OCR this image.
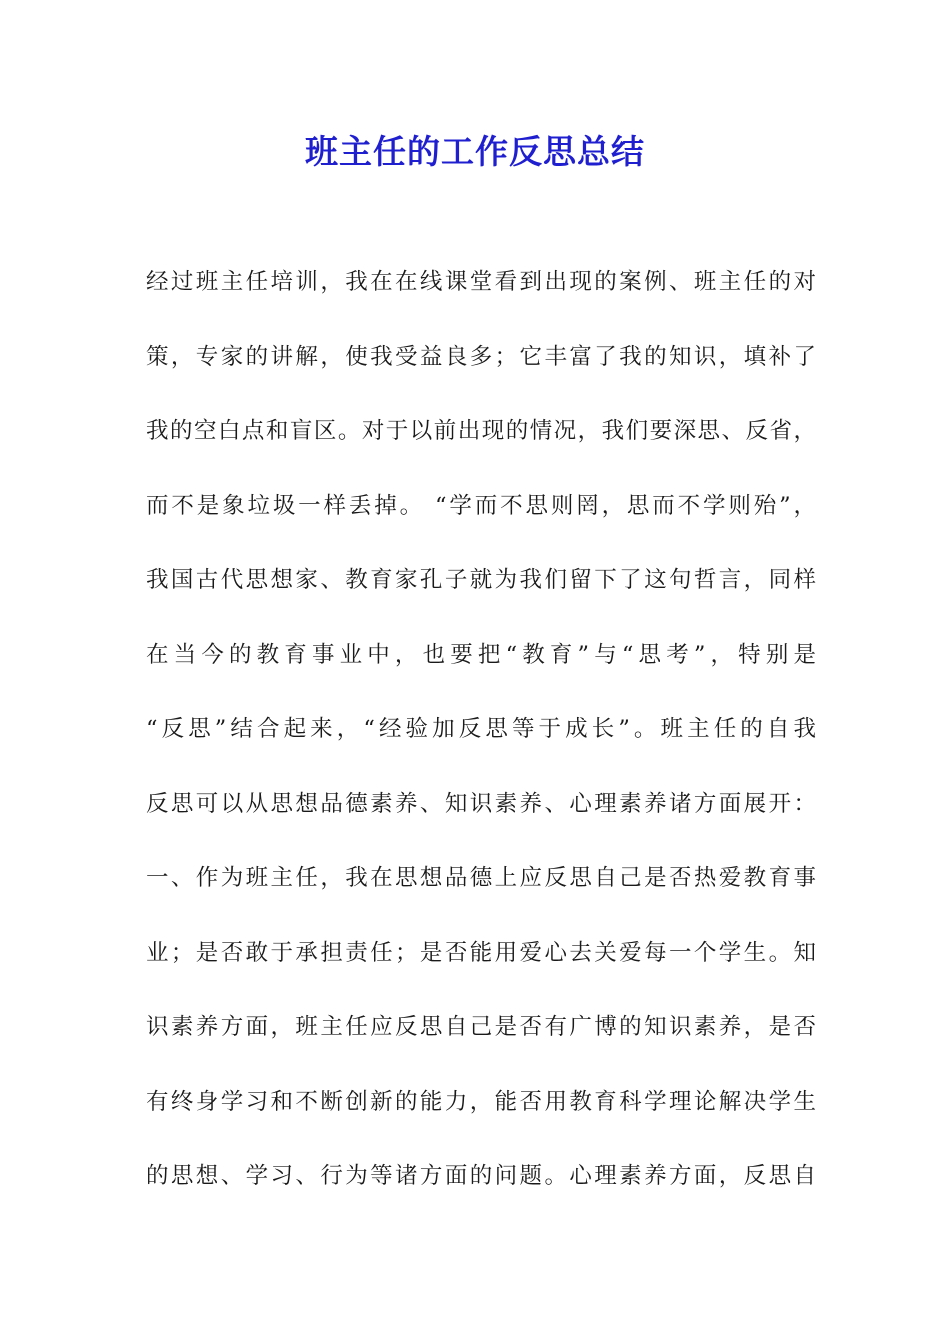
班主任的工作反思总结
经过班主任培训，我在在线课堂看到出现的案例、班主任的对
策，专家的讲解，使我受益良多；它丰富了我的知识，填补了
我的空白点和盲区。对于以前出现的情况，我们要深思、反省，
而不是象垃圾一样丢掉。 “学而不思则罔，思而不学则殆”，
我国古代思想家、教育家孔子就为我们留下了这句哲言，同样
在当今的教育事业中，也要把“教育”与“思考”，特别是
“反思”结合起来，“经验加反思等于成长”。班主任的自我
反思可以从思想品德素养、知识素养、心理素养诸方面展开：
一、作为班主任，我在思想品德上应反思自己是否热爱教育事
业；是否敢于承担责任；是否能用爱心去关爱每一个学生。知
识素养方面，班主任应反思自己是否有广博的知识素养，是否
有终身学习和不断创新的能力，能否用教育科学理论解决学生
的思想、学习、行为等诸方面的问题。心理素养方面，反思自
